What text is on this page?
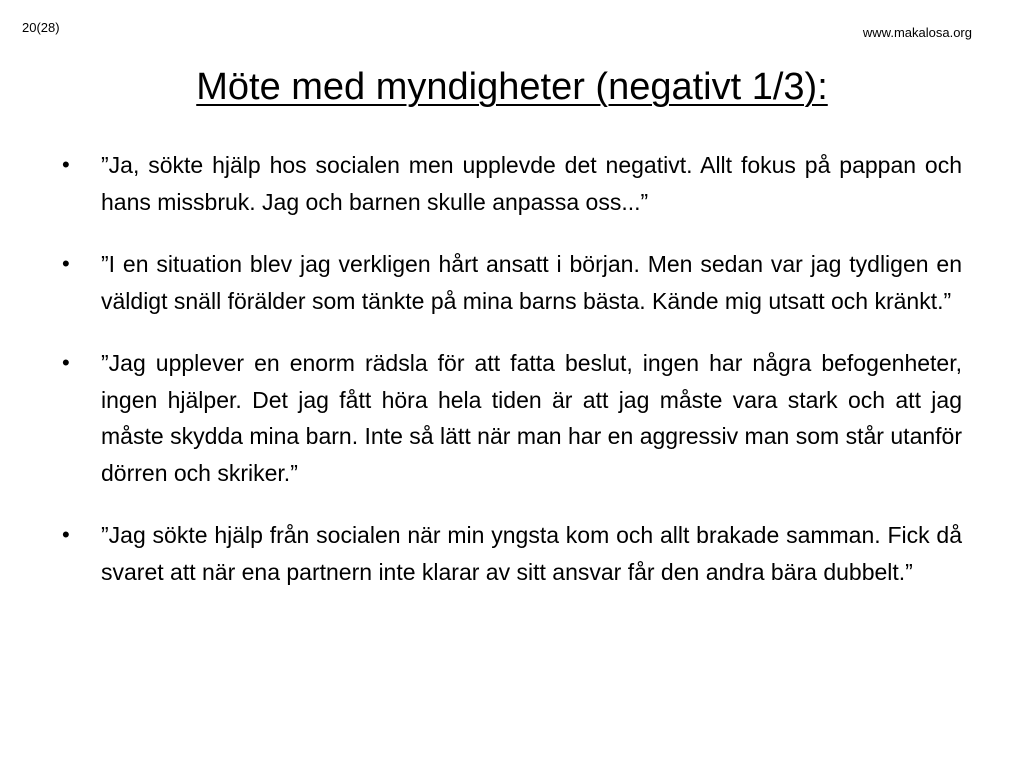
20(28)	www.makalosa.org
Möte med myndigheter (negativt 1/3):
• ”Ja, sökte hjälp hos socialen men upplevde det negativt. Allt fokus på pappan och hans missbruk. Jag och barnen skulle anpassa oss...”
• ”I en situation blev jag verkligen hårt ansatt i början. Men sedan var jag tydligen en väldigt snäll förälder som tänkte på mina barns bästa. Kände mig utsatt och kränkt.”
• ”Jag upplever en enorm rädsla för att fatta beslut, ingen har några befogenheter, ingen hjälper. Det jag fått höra hela tiden är att jag måste vara stark och att jag måste skydda mina barn. Inte så lätt när man har en aggressiv man som står utanför dörren och skriker.”
• ”Jag sökte hjälp från socialen när min yngsta kom och allt brakade samman. Fick då svaret att när ena partnern inte klarar av sitt ansvar får den andra bära dubbelt.”
